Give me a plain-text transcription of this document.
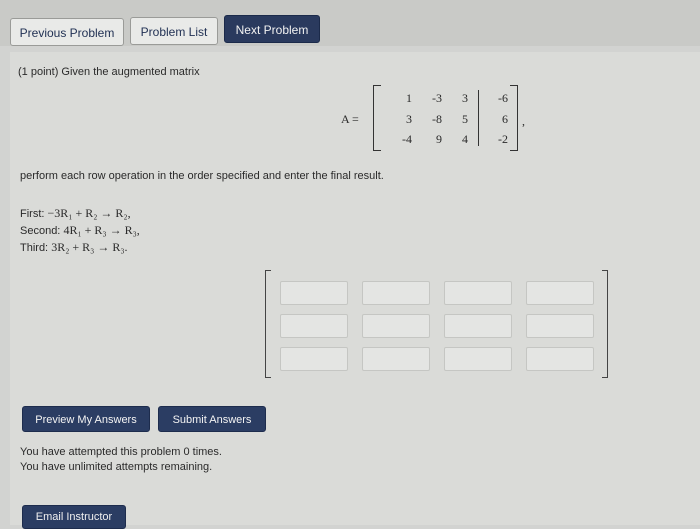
Previous Problem	Problem List	Next Problem
(1 point) Given the augmented matrix
A =
1	-3	3	-6
3	-8	5	6
-4	9	4	-2
,
perform each row operation in the order specified and enter the final result.
First: −3R₁ + R₂ → R₂,
Second: 4R₁ + R₃ → R₃,
Third: 3R₂ + R₃ → R₃.
Preview My Answers	Submit Answers
You have attempted this problem 0 times.
You have unlimited attempts remaining.
Email Instructor
